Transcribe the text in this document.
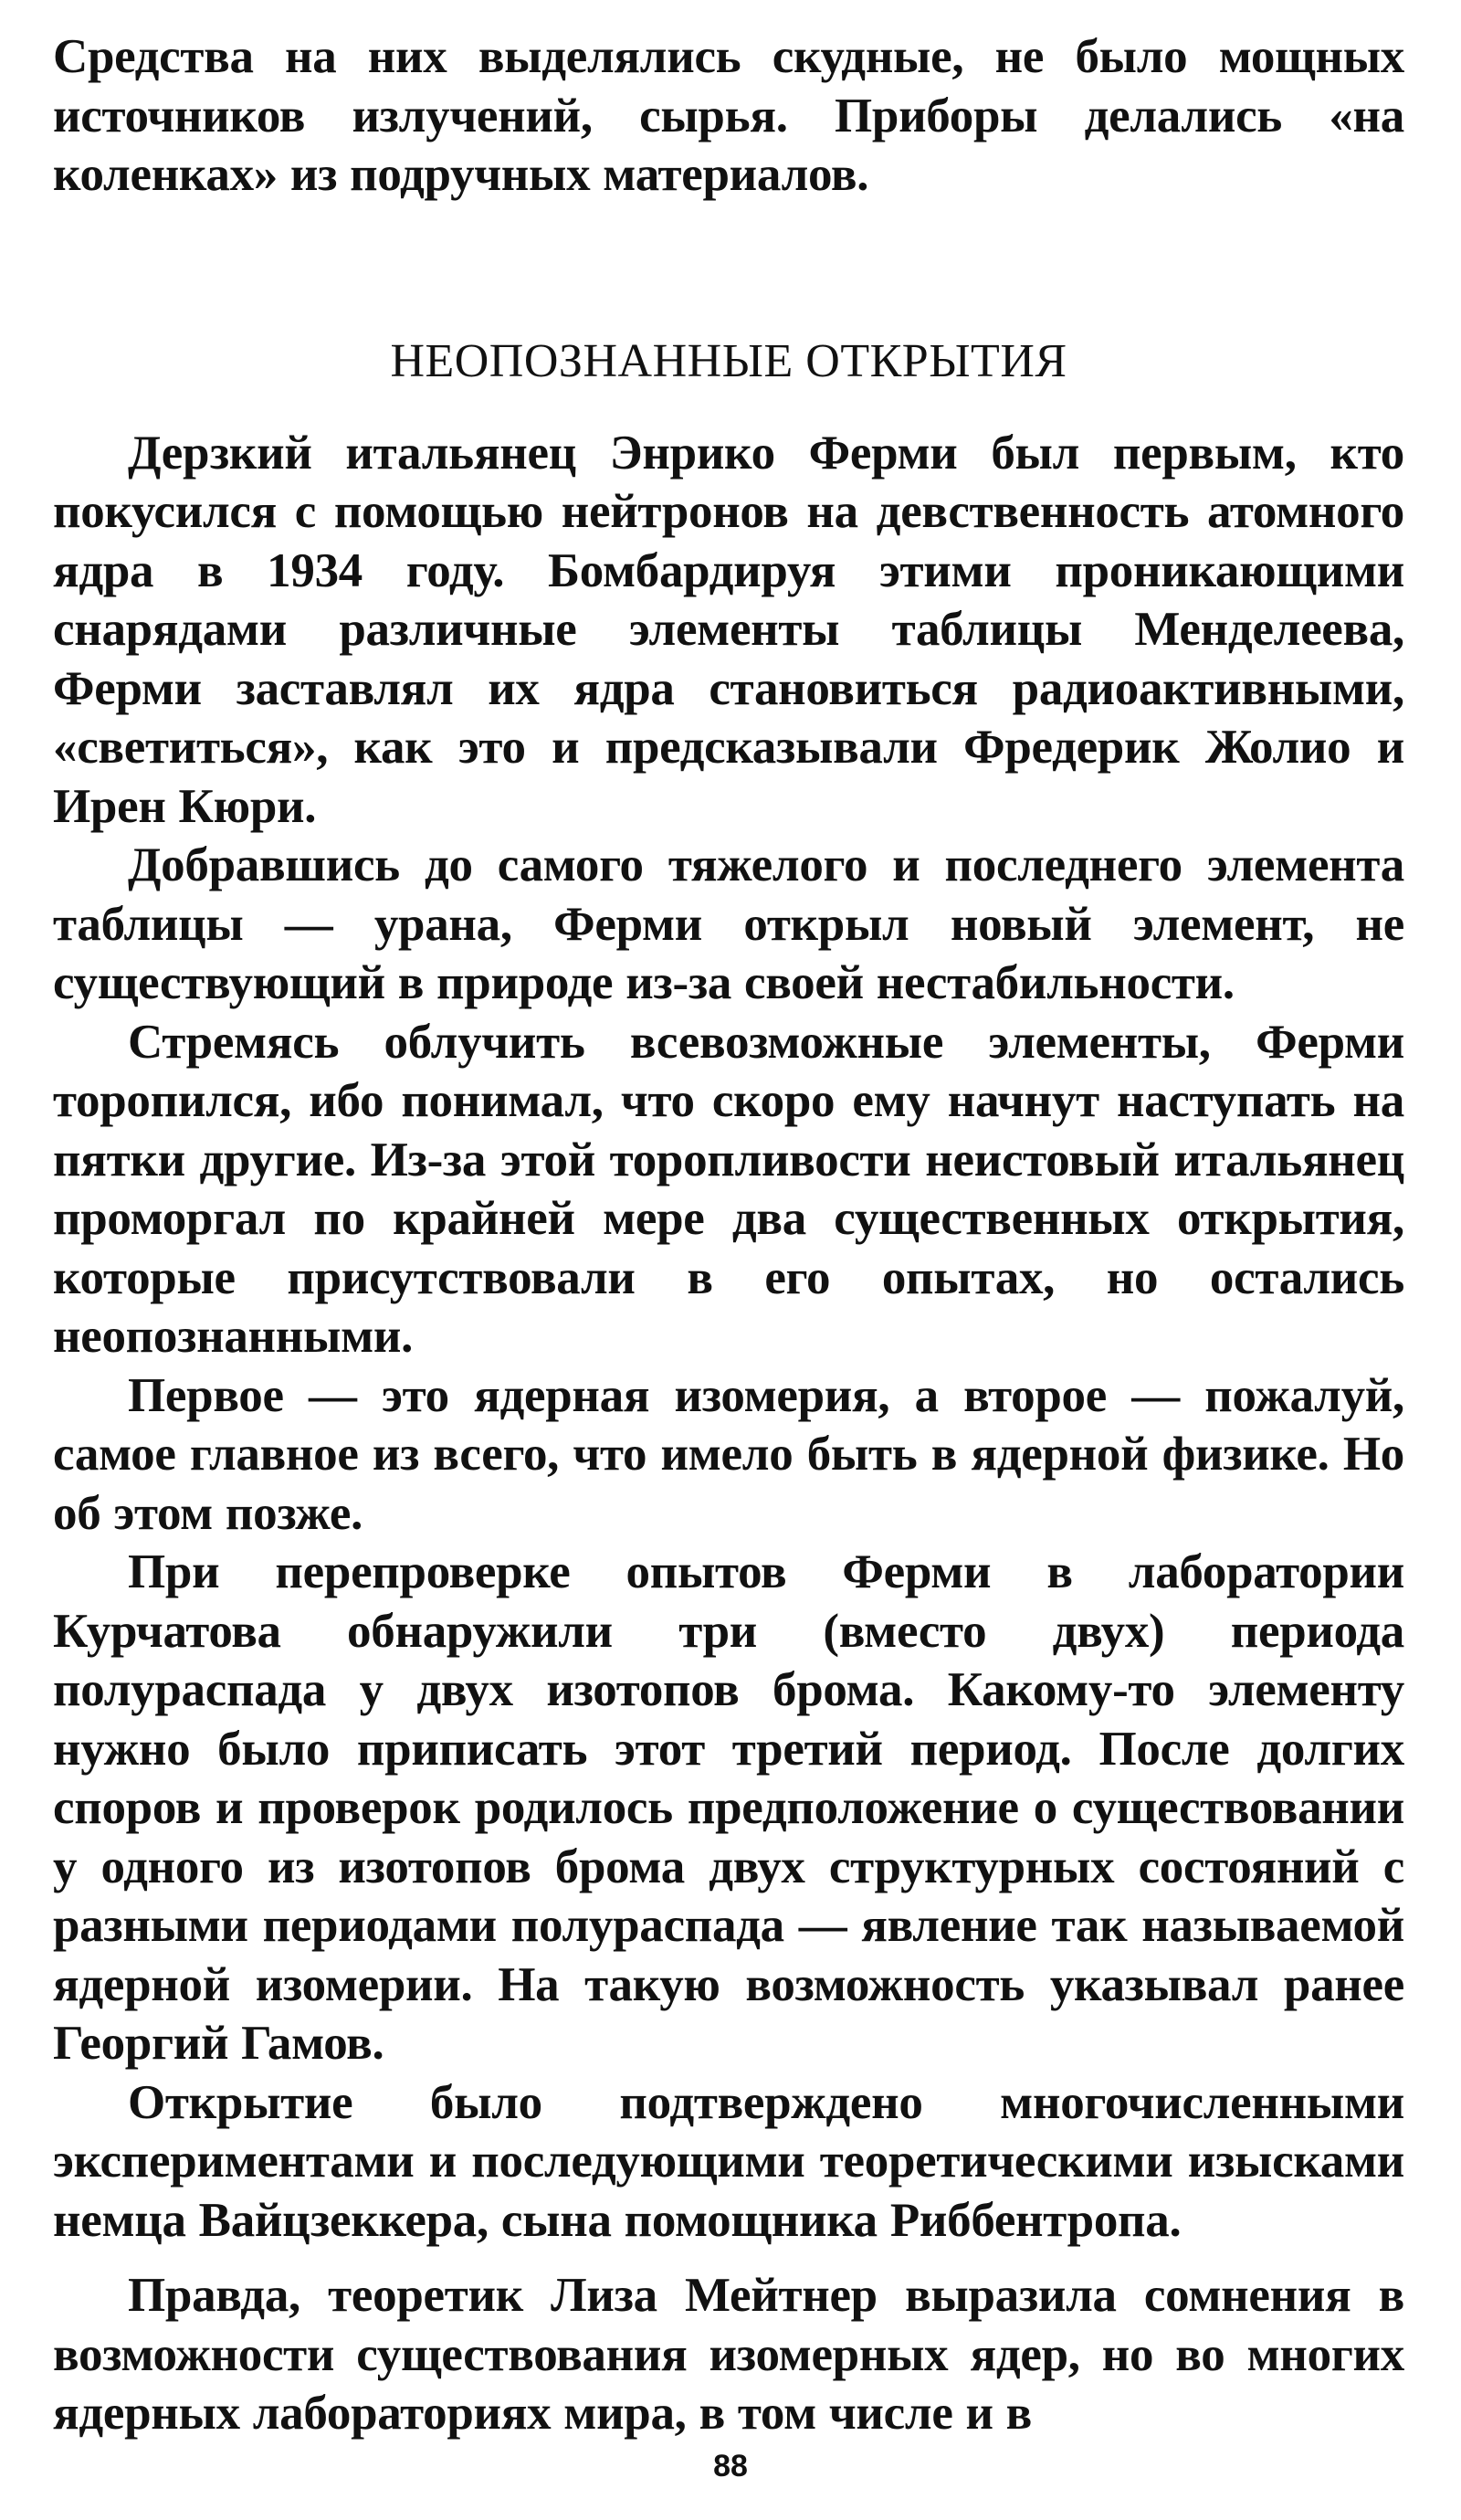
Средства на них выделялись скудные, не было мощных источников излучений, сырья. Приборы делались «на коленках» из подручных материалов.

НЕОПОЗНАННЫЕ ОТКРЫТИЯ

Дерзкий итальянец Энрико Ферми был первым, кто покусился с помощью нейтронов на девственность атомного ядра в 1934 году. Бомбардируя этими проникающими снарядами различные элементы таблицы Менделеева, Ферми заставлял их ядра становиться радиоактивными, «светиться», как это и предсказывали Фредерик Жолио и Ирен Кюри.

Добравшись до самого тяжелого и последнего элемента таблицы — урана, Ферми открыл новый элемент, не существующий в природе из-за своей нестабильности.

Стремясь облучить всевозможные элементы, Ферми торопился, ибо понимал, что скоро ему начнут наступать на пятки другие. Из-за этой торопливости неистовый итальянец проморгал по крайней мере два существенных открытия, которые присутствовали в его опытах, но остались неопознанными.

Первое — это ядерная изомерия, а второе — пожалуй, самое главное из всего, что имело быть в ядерной физике. Но об этом позже.

При перепроверке опытов Ферми в лаборатории Курчатова обнаружили три (вместо двух) периода полураспада у двух изотопов брома. Какому-то элементу нужно было приписать этот третий период. После долгих споров и проверок родилось предположение о существовании у одного из изотопов брома двух структурных состояний с разными периодами полураспада — явление так называемой ядерной изомерии. На такую возможность указывал ранее Георгий Гамов.

Открытие было подтверждено многочисленными экспериментами и последующими теоретическими изысками немца Вайцзеккера, сына помощника Риббентропа.

Правда, теоретик Лиза Мейтнер выразила сомнения в возможности существования изомерных ядер, но во многих ядерных лабораториях мира, в том числе и в

88
